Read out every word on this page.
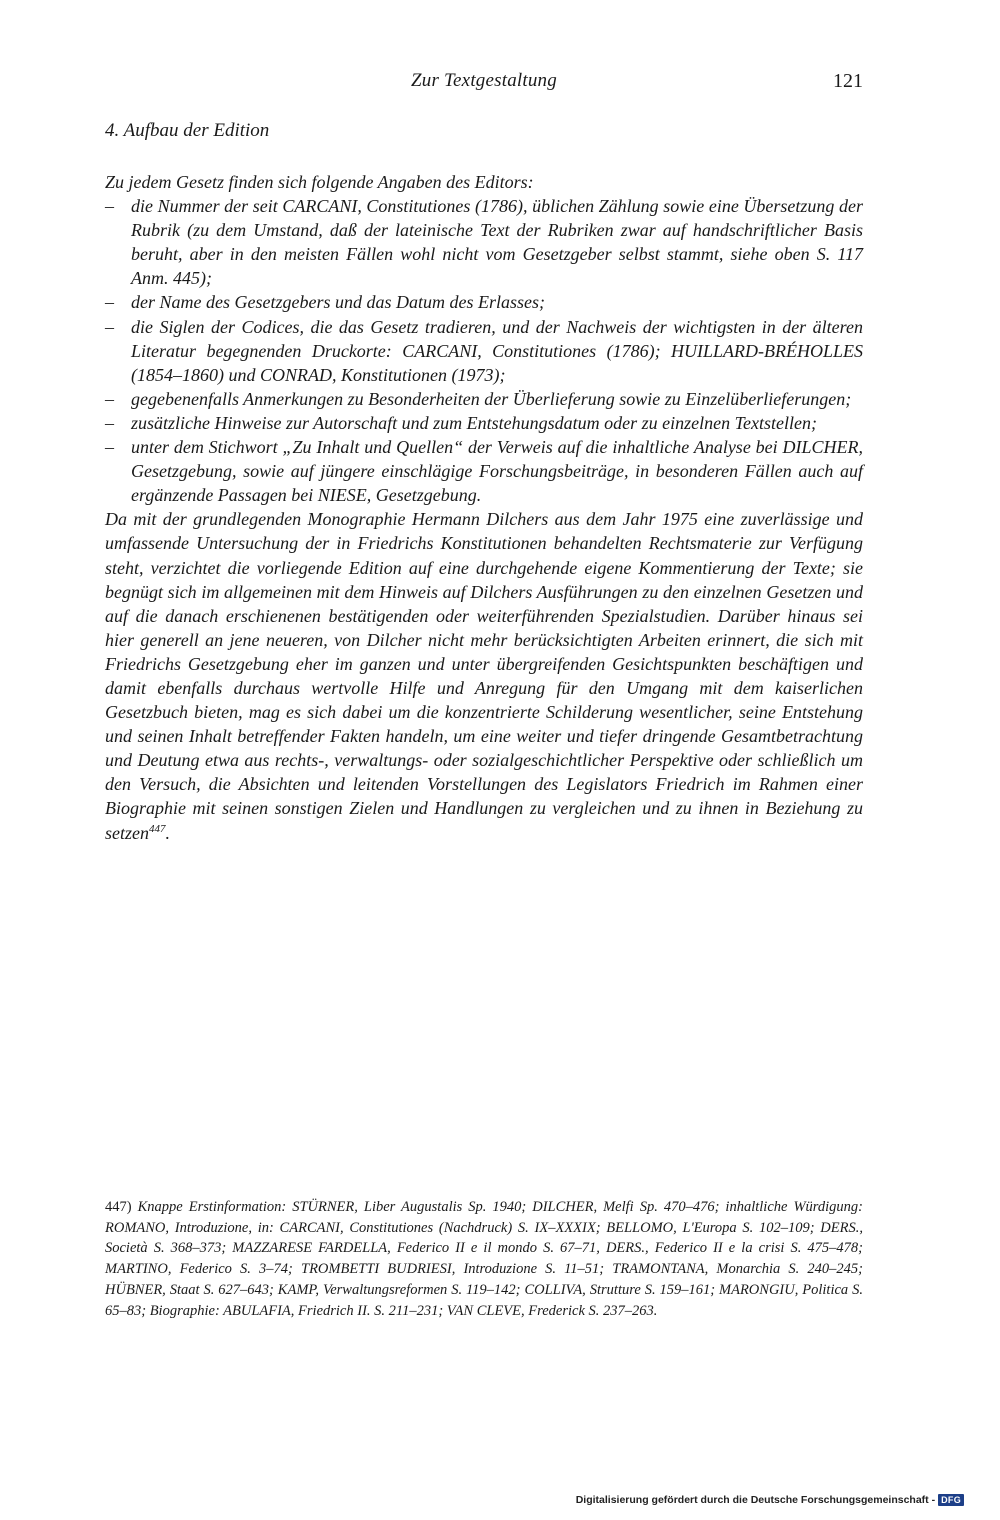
Zur Textgestaltung	121
4. Aufbau der Edition

Zu jedem Gesetz finden sich folgende Angaben des Editors:

– die Nummer der seit CARCANI, Constitutiones (1786), üblichen Zählung sowie eine Übersetzung der Rubrik (zu dem Umstand, daß der lateinische Text der Rubriken zwar auf handschriftlicher Basis beruht, aber in den meisten Fällen wohl nicht vom Gesetzgeber selbst stammt, siehe oben S. 117 Anm. 445);
– der Name des Gesetzgebers und das Datum des Erlasses;
– die Siglen der Codices, die das Gesetz tradieren, und der Nachweis der wichtigsten in der älteren Literatur begegnenden Druckorte: CARCANI, Constitutiones (1786); HUILLARD-BRÉHOLLES (1854–1860) und CONRAD, Konstitutionen (1973);
– gegebenenfalls Anmerkungen zu Besonderheiten der Überlieferung sowie zu Einzelüberlieferungen;
– zusätzliche Hinweise zur Autorschaft und zum Entstehungsdatum oder zu einzelnen Textstellen;
– unter dem Stichwort „Zu Inhalt und Quellen“ der Verweis auf die inhaltliche Analyse bei DILCHER, Gesetzgebung, sowie auf jüngere einschlägige Forschungsbeiträge, in besonderen Fällen auch auf ergänzende Passagen bei NIESE, Gesetzgebung.

Da mit der grundlegenden Monographie Hermann Dilchers aus dem Jahr 1975 eine zuverlässige und umfassende Untersuchung der in Friedrichs Konstitutionen behandelten Rechtsmaterie zur Verfügung steht, verzichtet die vorliegende Edition auf eine durchgehende eigene Kommentierung der Texte; sie begnügt sich im allgemeinen mit dem Hinweis auf Dilchers Ausführungen zu den einzelnen Gesetzen und auf die danach erschienenen bestätigenden oder weiterführenden Spezialstudien. Darüber hinaus sei hier generell an jene neueren, von Dilcher nicht mehr berücksichtigten Arbeiten erinnert, die sich mit Friedrichs Gesetzgebung eher im ganzen und unter übergreifenden Gesichtspunkten beschäftigen und damit ebenfalls durchaus wertvolle Hilfe und Anregung für den Umgang mit dem kaiserlichen Gesetzbuch bieten, mag es sich dabei um die konzentrierte Schilderung wesentlicher, seine Entstehung und seinen Inhalt betreffender Fakten handeln, um eine weiter und tiefer dringende Gesamtbetrachtung und Deutung etwa aus rechts-, verwaltungs- oder sozialgeschichtlicher Perspektive oder schließlich um den Versuch, die Absichten und leitenden Vorstellungen des Legislators Friedrich im Rahmen einer Biographie mit seinen sonstigen Zielen und Handlungen zu vergleichen und zu ihnen in Beziehung zu setzen$^{447}$.

447) Knappe Erstinformation: STÜRNER, Liber Augustalis Sp. 1940; DILCHER, Melfi Sp. 470–476; inhaltliche Würdigung: ROMANO, Introduzione, in: CARCANI, Constitutiones (Nachdruck) S. IX–XXXIX; BELLOMO, L'Europa S. 102–109; DERS., Società S. 368–373; MAZZARESE FARDELLA, Federico II e il mondo S. 67–71, DERS., Federico II e la crisi S. 475–478; MARTINO, Federico S. 3–74; TROMBETTI BUDRIESI, Introduzione S. 11–51; TRAMONTANA, Monarchia S. 240–245; HÜBNER, Staat S. 627–643; KAMP, Verwaltungsreformen S. 119–142; COLLIVA, Strutture S. 159–161; MARONGIU, Politica S. 65–83; Biographie: ABULAFIA, Friedrich II. S. 211–231; VAN CLEVE, Frederick S. 237–263.

Digitalisierung gefördert durch die Deutsche Forschungsgemeinschaft - DFG
